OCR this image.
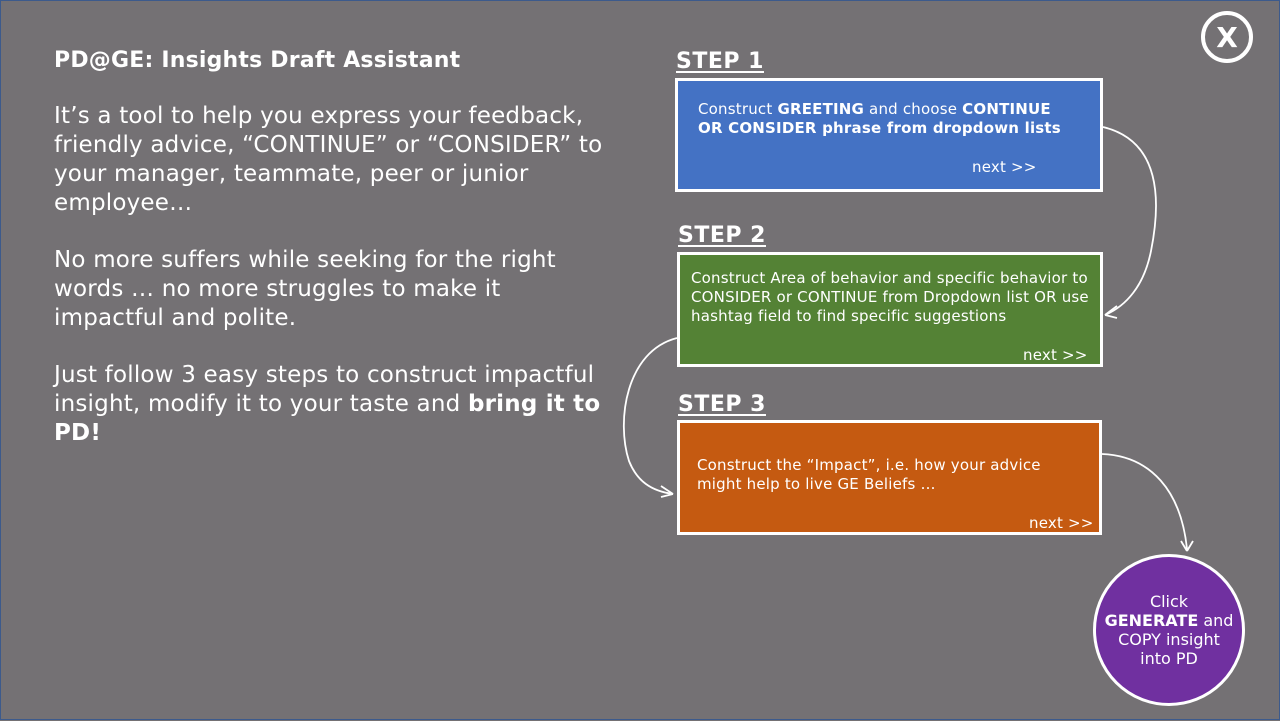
PD@GE: Insights Draft Assistant

It’s a tool to help you express your feedback, friendly advice, “CONTINUE” or “CONSIDER” to your manager, teammate, peer or junior employee…

No more suffers while seeking for the right words … no more struggles to make it impactful and polite.

Just follow 3 easy steps to construct impactful insight, modify it to your taste and bring it to PD!

X
STEP 1
Construct GREETING and choose CONTINUE OR CONSIDER phrase from dropdown lists
next >>
STEP 2
Construct Area of behavior and specific behavior to CONSIDER or CONTINUE from Dropdown list OR use hashtag field to find specific suggestions
next >>
STEP 3
Construct the “Impact”, i.e. how your advice might help to live GE Beliefs …
next >>
Click
GENERATE and
COPY insight
into PD
